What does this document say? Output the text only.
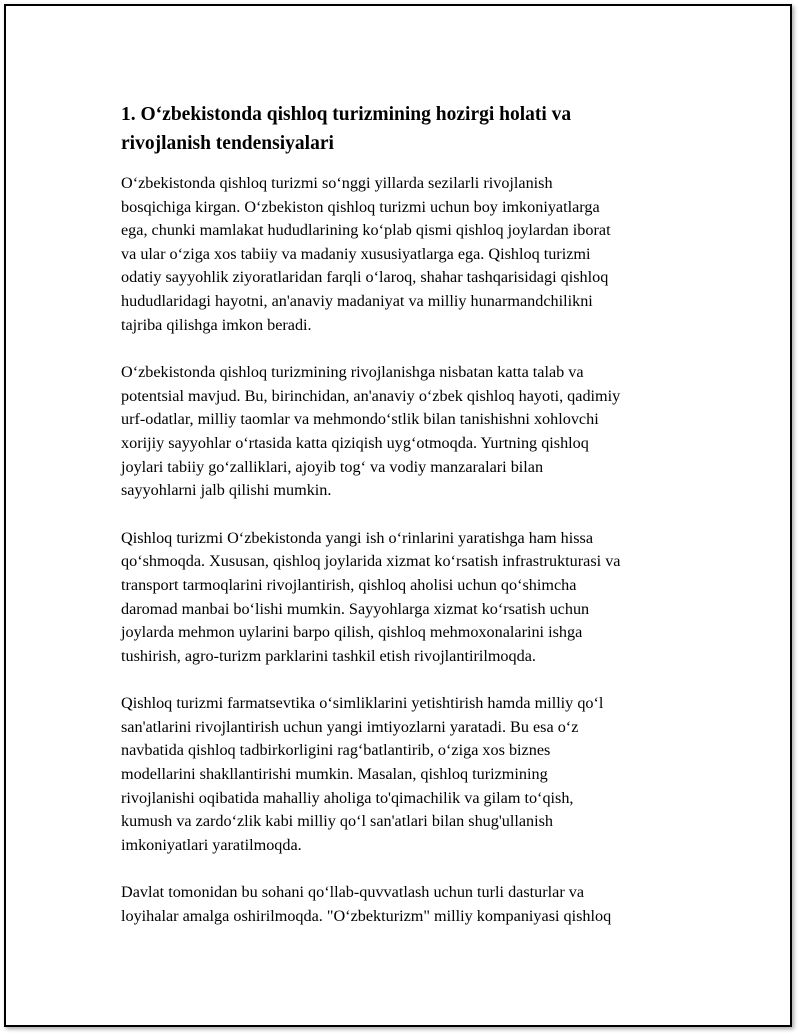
1. O‘zbekistonda qishloq turizmining hozirgi holati va
rivojlanish tendensiyalari

O‘zbekistonda qishloq turizmi so‘nggi yillarda sezilarli rivojlanish
bosqichiga kirgan. O‘zbekiston qishloq turizmi uchun boy imkoniyatlarga
ega, chunki mamlakat hududlarining ko‘plab qismi qishloq joylardan iborat
va ular o‘ziga xos tabiiy va madaniy xususiyatlarga ega. Qishloq turizmi
odatiy sayyohlik ziyoratlaridan farqli o‘laroq, shahar tashqarisidagi qishloq
hududlaridagi hayotni, an'anaviy madaniyat va milliy hunarmandchilikni
tajriba qilishga imkon beradi.

O‘zbekistonda qishloq turizmining rivojlanishga nisbatan katta talab va
potentsial mavjud. Bu, birinchidan, an'anaviy o‘zbek qishloq hayoti, qadimiy
urf-odatlar, milliy taomlar va mehmondo‘stlik bilan tanishishni xohlovchi
xorijiy sayyohlar o‘rtasida katta qiziqish uyg‘otmoqda. Yurtning qishloq
joylari tabiiy go‘zalliklari, ajoyib tog‘ va vodiy manzaralari bilan
sayyohlarni jalb qilishi mumkin.

Qishloq turizmi O‘zbekistonda yangi ish o‘rinlarini yaratishga ham hissa
qo‘shmoqda. Xususan, qishloq joylarida xizmat ko‘rsatish infrastrukturasi va
transport tarmoqlarini rivojlantirish, qishloq aholisi uchun qo‘shimcha
daromad manbai bo‘lishi mumkin. Sayyohlarga xizmat ko‘rsatish uchun
joylarda mehmon uylarini barpo qilish, qishloq mehmoxonalarini ishga
tushirish, agro-turizm parklarini tashkil etish rivojlantirilmoqda.

Qishloq turizmi farmatsevtika o‘simliklarini yetishtirish hamda milliy qo‘l
san'atlarini rivojlantirish uchun yangi imtiyozlarni yaratadi. Bu esa o‘z
navbatida qishloq tadbirkorligini rag‘batlantirib, o‘ziga xos biznes
modellarini shakllantirishi mumkin. Masalan, qishloq turizmining
rivojlanishi oqibatida mahalliy aholiga to'qimachilik va gilam to‘qish,
kumush va zardo‘zlik kabi milliy qo‘l san'atlari bilan shug'ullanish
imkoniyatlari yaratilmoqda.

Davlat tomonidan bu sohani qo‘llab-quvvatlash uchun turli dasturlar va
loyihalar amalga oshirilmoqda. "O‘zbekturizm" milliy kompaniyasi qishloq
